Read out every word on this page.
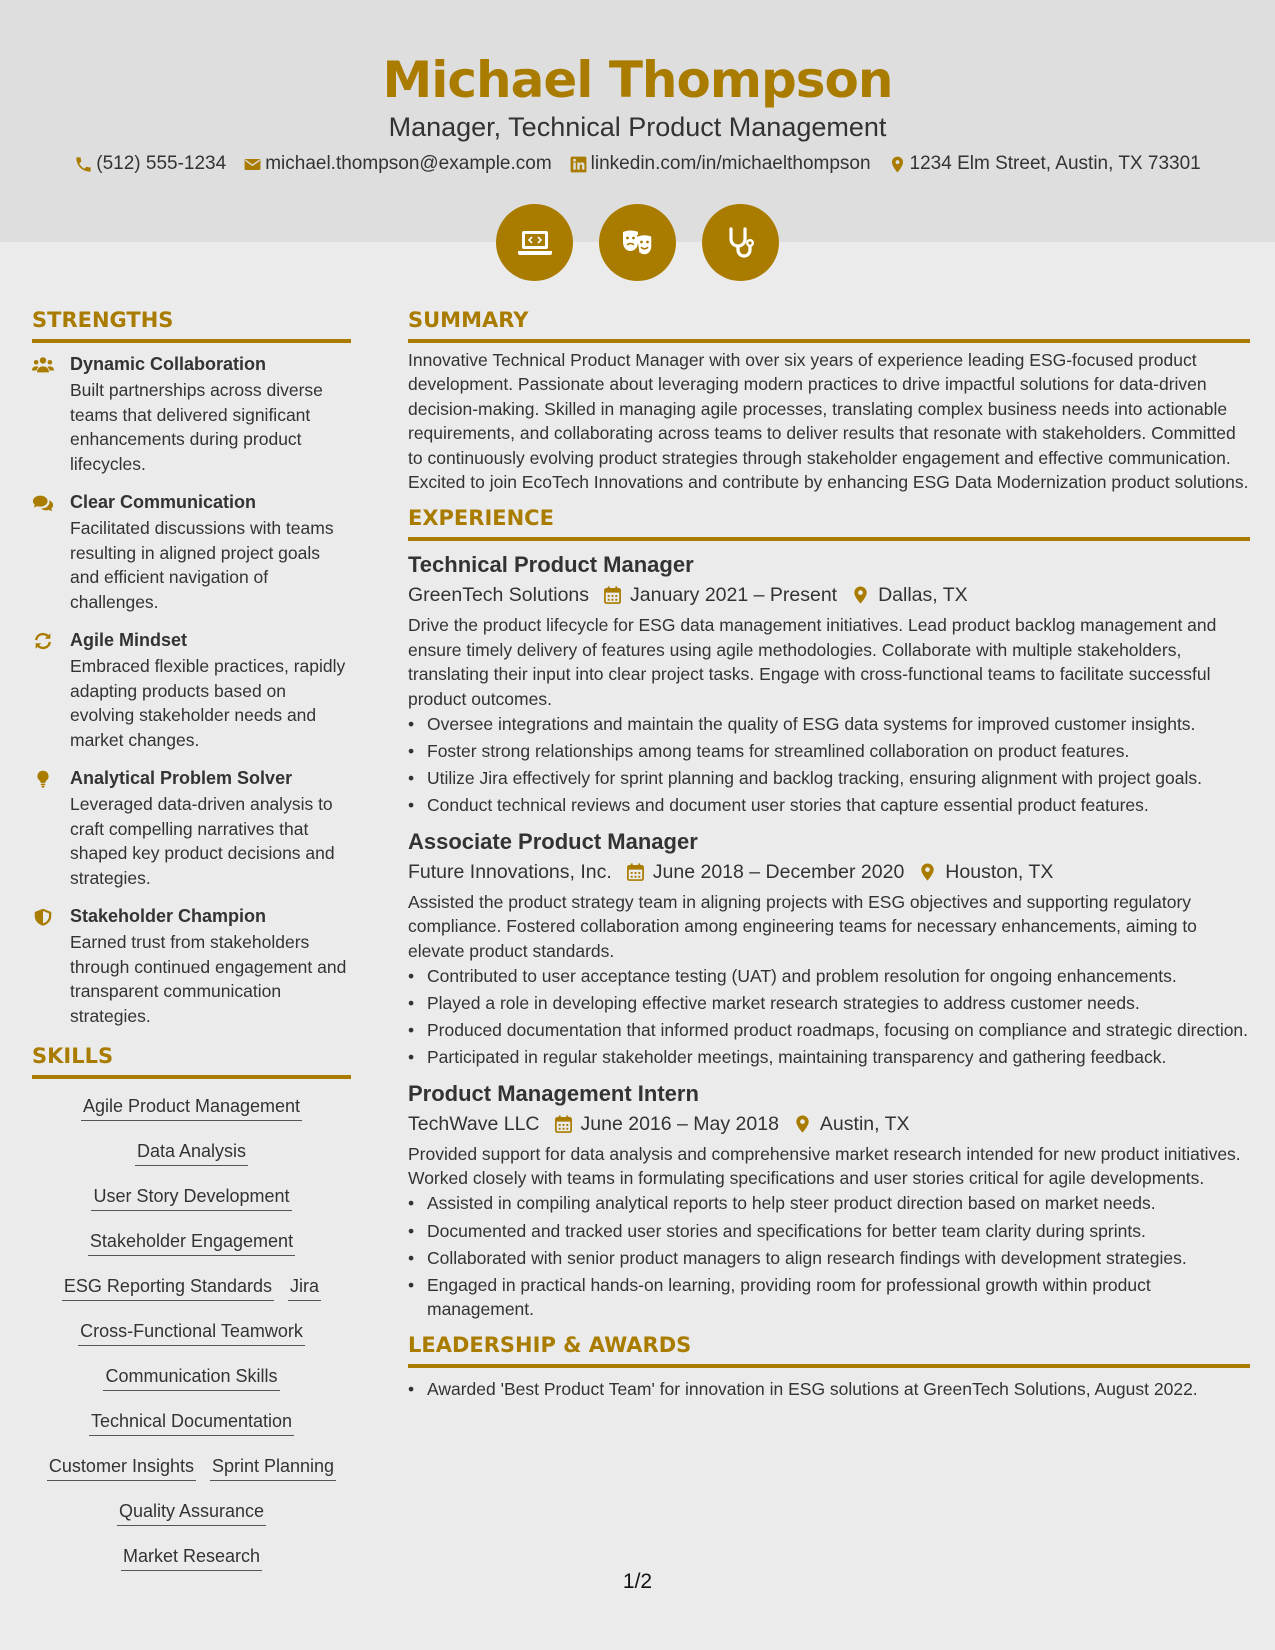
Michael Thompson
Manager, Technical Product Management
(512) 555-1234 michael.thompson@example.com linkedin.com/in/michaelthompson 1234 Elm Street, Austin, TX 73301
STRENGTHS
Dynamic Collaboration

Built partnerships across diverse teams that delivered significant enhancements during product lifecycles.

Clear Communication

Facilitated discussions with teams resulting in aligned project goals and efficient navigation of challenges.

Agile Mindset

Embraced flexible practices, rapidly adapting products based on evolving stakeholder needs and market changes.

Analytical Problem Solver

Leveraged data-driven analysis to craft compelling narratives that shaped key product decisions and strategies.

Stakeholder Champion

Earned trust from stakeholders through continued engagement and transparent communication strategies.

SKILLS
Agile Product Management
Data Analysis
User Story Development
Stakeholder Engagement
ESG Reporting Standards Jira
Cross-Functional Teamwork
Communication Skills
Technical Documentation
Customer Insights Sprint Planning
Quality Assurance
Market Research
SUMMARY

Innovative Technical Product Manager with over six years of experience leading ESG-focused product development. Passionate about leveraging modern practices to drive impactful solutions for data-driven decision-making. Skilled in managing agile processes, translating complex business needs into actionable requirements, and collaborating across teams to deliver results that resonate with stakeholders. Committed to continuously evolving product strategies through stakeholder engagement and effective communication. Excited to join EcoTech Innovations and contribute by enhancing ESG Data Modernization product solutions.

EXPERIENCE
Technical Product Manager
GreenTech Solutions January 2021 – Present Dallas, TX

Drive the product lifecycle for ESG data management initiatives. Lead product backlog management and ensure timely delivery of features using agile methodologies. Collaborate with multiple stakeholders, translating their input into clear project tasks. Engage with cross-functional teams to facilitate successful product outcomes.

• Oversee integrations and maintain the quality of ESG data systems for improved customer insights.
• Foster strong relationships among teams for streamlined collaboration on product features.
• Utilize Jira effectively for sprint planning and backlog tracking, ensuring alignment with project goals.
• Conduct technical reviews and document user stories that capture essential product features.
Associate Product Manager
Future Innovations, Inc. June 2018 – December 2020 Houston, TX

Assisted the product strategy team in aligning projects with ESG objectives and supporting regulatory compliance. Fostered collaboration among engineering teams for necessary enhancements, aiming to elevate product standards.

• Contributed to user acceptance testing (UAT) and problem resolution for ongoing enhancements.
• Played a role in developing effective market research strategies to address customer needs.
• Produced documentation that informed product roadmaps, focusing on compliance and strategic direction.
• Participated in regular stakeholder meetings, maintaining transparency and gathering feedback.
Product Management Intern
TechWave LLC June 2016 – May 2018 Austin, TX

Provided support for data analysis and comprehensive market research intended for new product initiatives. Worked closely with teams in formulating specifications and user stories critical for agile developments.

• Assisted in compiling analytical reports to help steer product direction based on market needs.
• Documented and tracked user stories and specifications for better team clarity during sprints.
• Collaborated with senior product managers to align research findings with development strategies.
• Engaged in practical hands-on learning, providing room for professional growth within product management.
LEADERSHIP & AWARDS
• Awarded 'Best Product Team' for innovation in ESG solutions at GreenTech Solutions, August 2022.
1/2
